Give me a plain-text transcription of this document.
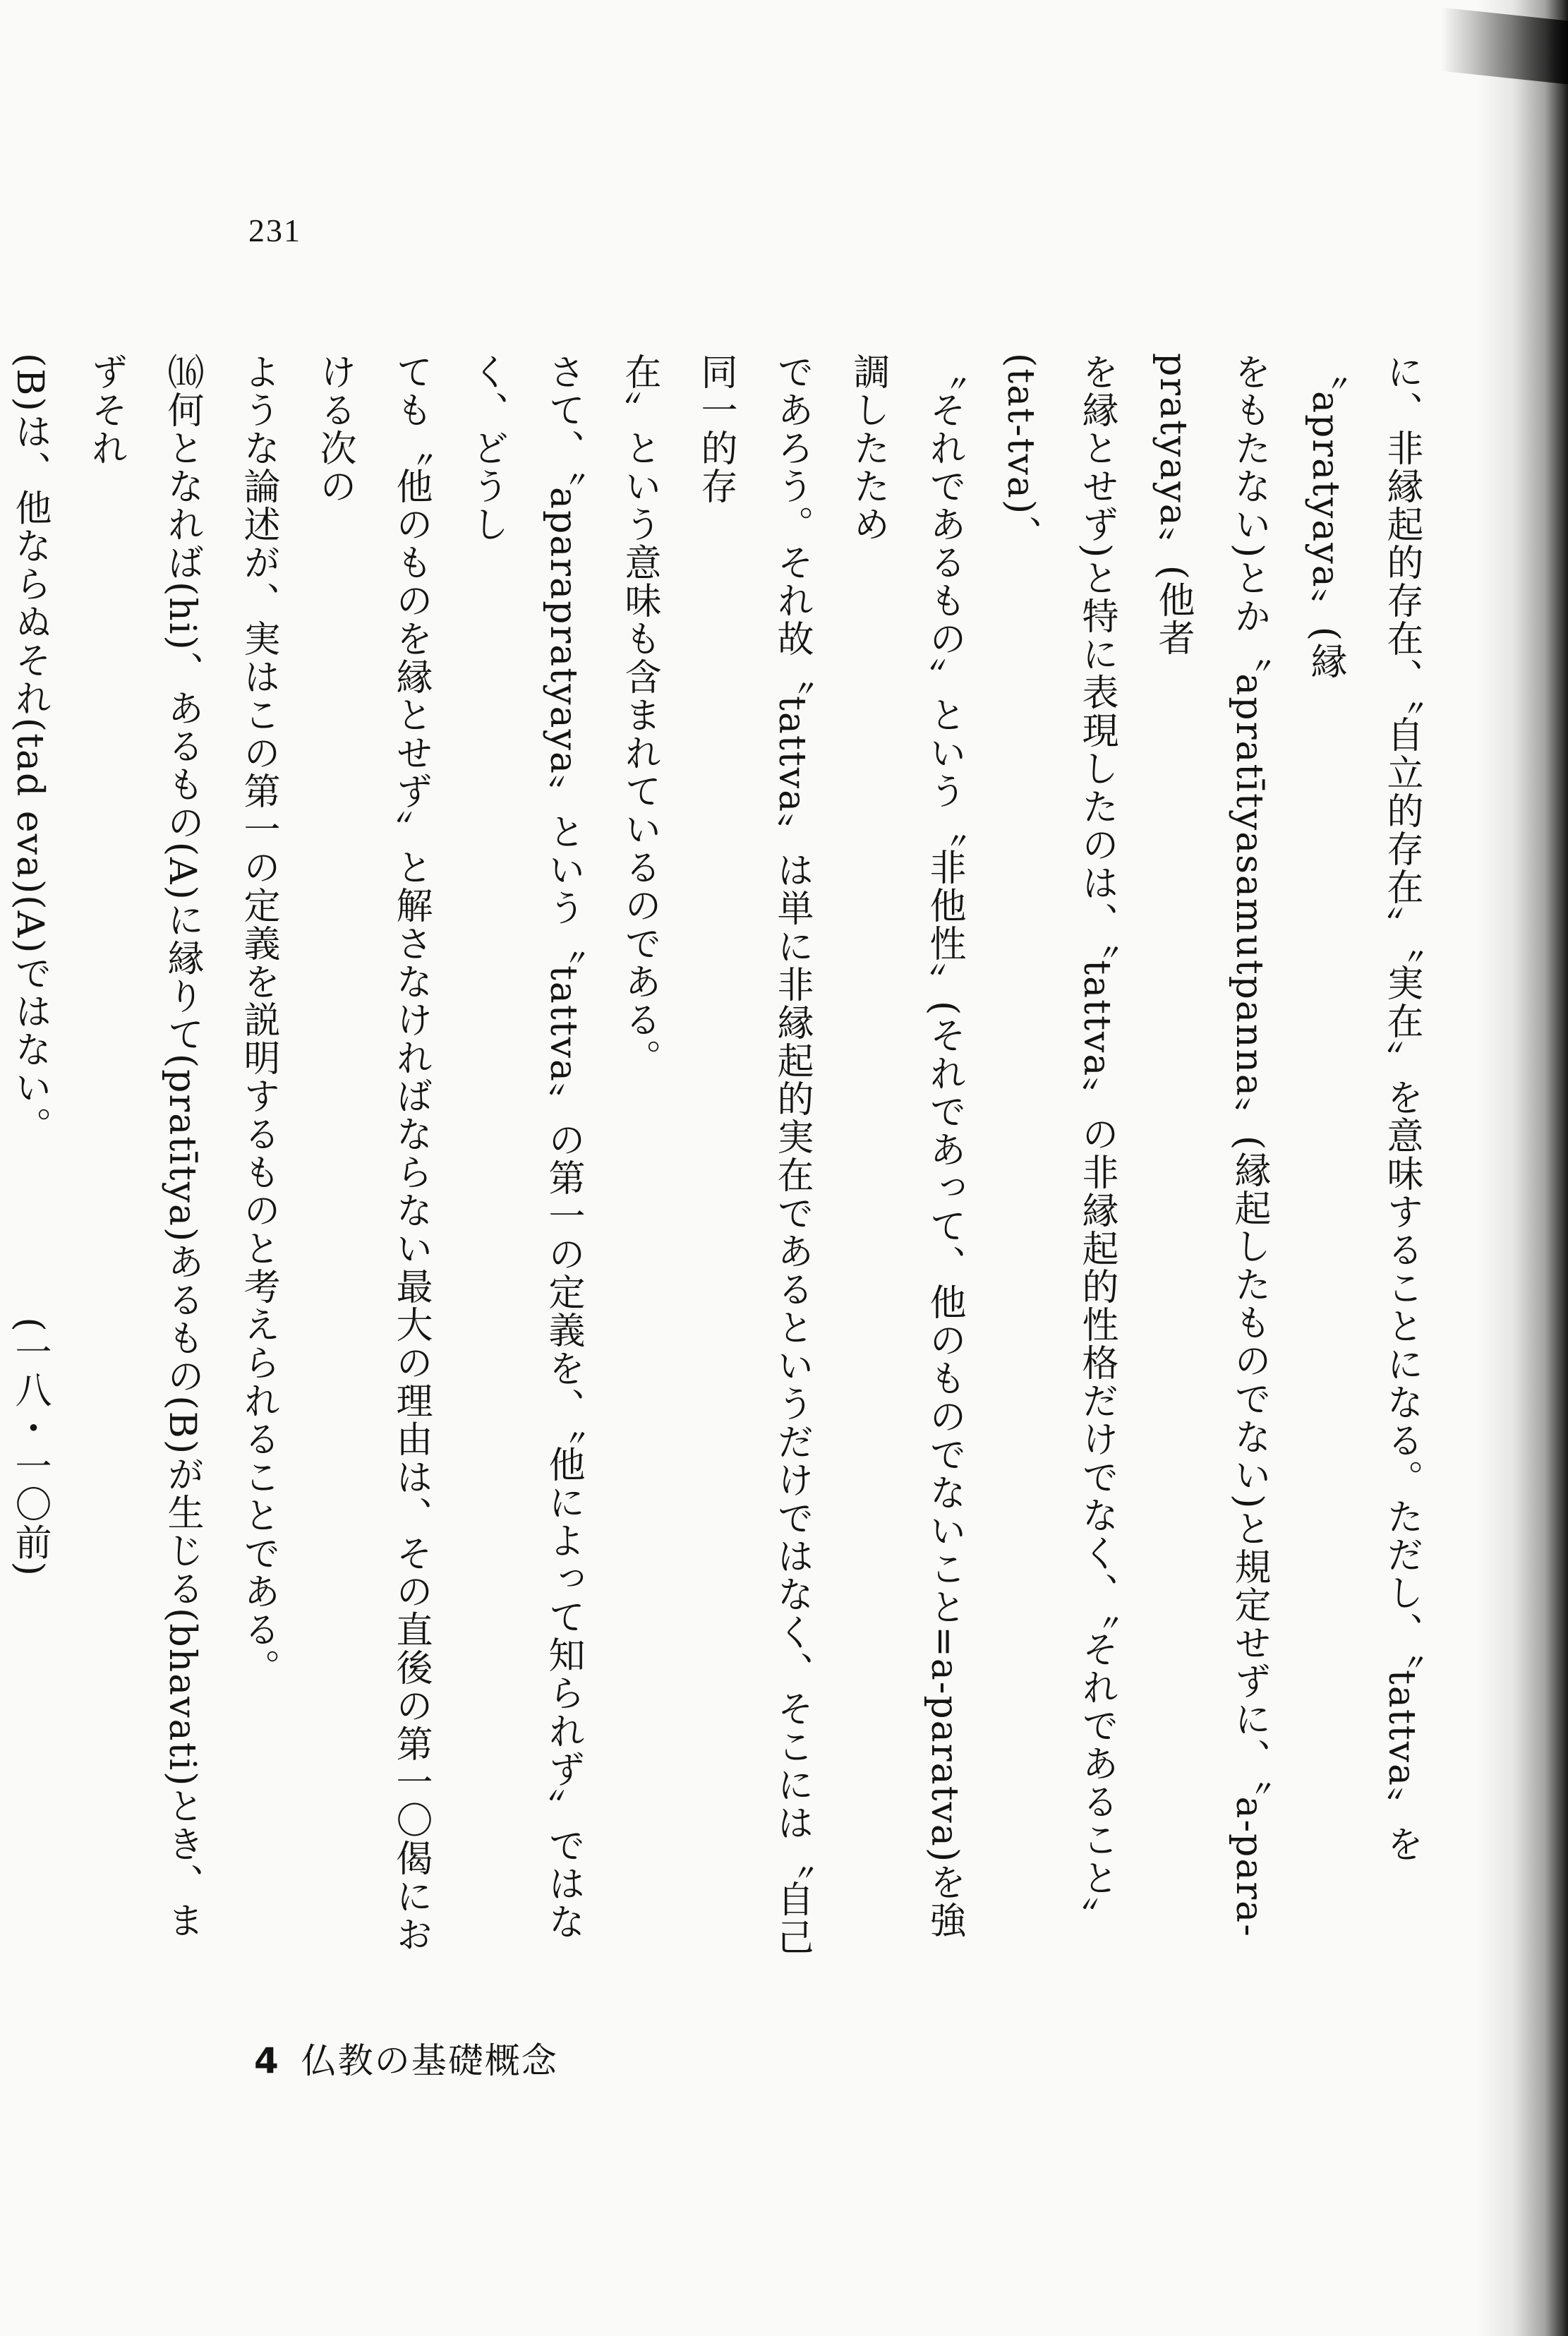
231
に、非縁起的存在、〝自立的存在〟〝実在〟を意味することになる。ただし、〝tattva〟を〝apratyaya〟(縁
をもたない)とか〝apratītyasamutpanna〟(縁起したものでない)と規定せずに、〝a-para-pratyaya〟(他者
を縁とせず)と特に表現したのは、〝tattva〟の非縁起的性格だけでなく、〝それであること〟(tat-tva)、
〝それであるもの〟という〝非他性〟(それであって、他のものでないこと=a-paratva)を強調したため
であろう。それ故〝tattva〟は単に非縁起的実在であるというだけではなく、そこには〝自己同一的存
在〟という意味も含まれているのである。
さて、〝aparapratyaya〟という〝tattva〟の第一の定義を、〝他によって知られず〟ではなく、どうし
ても〝他のものを縁とせず〟と解さなければならない最大の理由は、その直後の第一〇偈における次の
ような論述が、実はこの第一の定義を説明するものと考えられることである。
⒃何となれば(hi)、あるもの(A)に縁りて(pratītya)あるもの(B)が生じる(bhavati)とき、まずそれ
(B)は、他ならぬそれ(tad eva)(A)ではない。　　　　　(一八・一〇前)
4 仏教の基礎概念
